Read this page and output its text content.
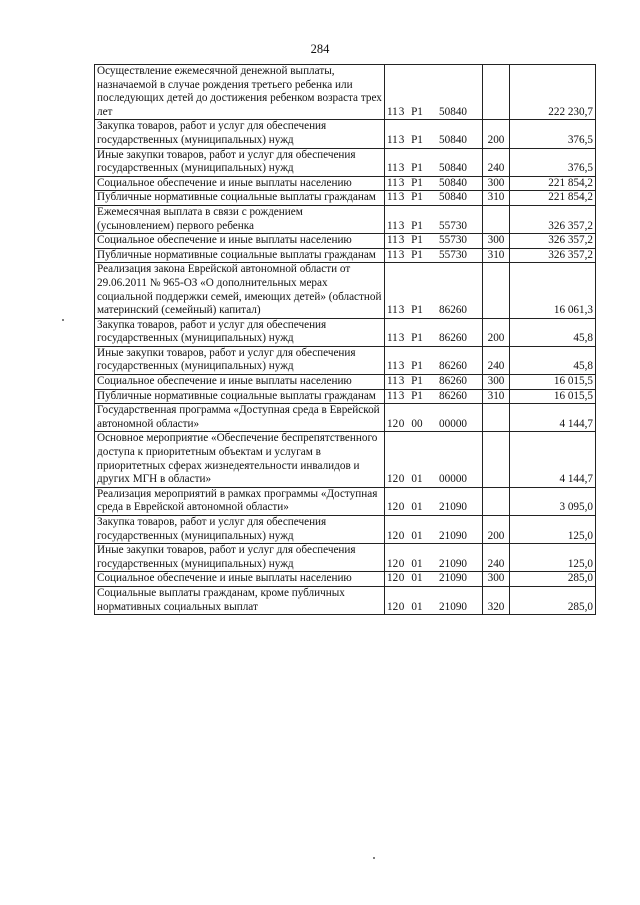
284
Осуществление ежемесячной денежной выплаты, назначаемой в случае рождения третьего ребенка или последующих детей до достижения ребенком возраста трех лет	113 P1 50840		222 230,7
Закупка товаров, работ и услуг для обеспечения государственных (муниципальных) нужд	113 P1 50840	200	376,5
Иные закупки товаров, работ и услуг для обеспечения государственных (муниципальных) нужд	113 P1 50840	240	376,5
Социальное обеспечение и иные выплаты населению	113 P1 50840	300	221 854,2
Публичные нормативные социальные выплаты гражданам	113 P1 50840	310	221 854,2
Ежемесячная выплата в связи с рождением (усыновлением) первого ребенка	113 P1 55730		326 357,2
Социальное обеспечение и иные выплаты населению	113 P1 55730	300	326 357,2
Публичные нормативные социальные выплаты гражданам	113 P1 55730	310	326 357,2
Реализация закона Еврейской автономной области от 29.06.2011 № 965-ОЗ «О дополнительных мерах социальной поддержки семей, имеющих детей» (областной материнский (семейный) капитал)	113 P1 86260		16 061,3
Закупка товаров, работ и услуг для обеспечения государственных (муниципальных) нужд	113 P1 86260	200	45,8
Иные закупки товаров, работ и услуг для обеспечения государственных (муниципальных) нужд	113 P1 86260	240	45,8
Социальное обеспечение и иные выплаты населению	113 P1 86260	300	16 015,5
Публичные нормативные социальные выплаты гражданам	113 P1 86260	310	16 015,5
Государственная программа «Доступная среда в Еврейской автономной области»	120 00 00000		4 144,7
Основное мероприятие «Обеспечение беспрепятственного доступа к приоритетным объектам и услугам в приоритетных сферах жизнедеятельности инвалидов и других МГН в области»	120 01 00000		4 144,7
Реализация мероприятий в рамках программы «Доступная среда в Еврейской автономной области»	120 01 21090		3 095,0
Закупка товаров, работ и услуг для обеспечения государственных (муниципальных) нужд	120 01 21090	200	125,0
Иные закупки товаров, работ и услуг для обеспечения государственных (муниципальных) нужд	120 01 21090	240	125,0
Социальное обеспечение и иные выплаты населению	120 01 21090	300	285,0
Социальные выплаты гражданам, кроме публичных нормативных социальных выплат	120 01 21090	320	285,0
